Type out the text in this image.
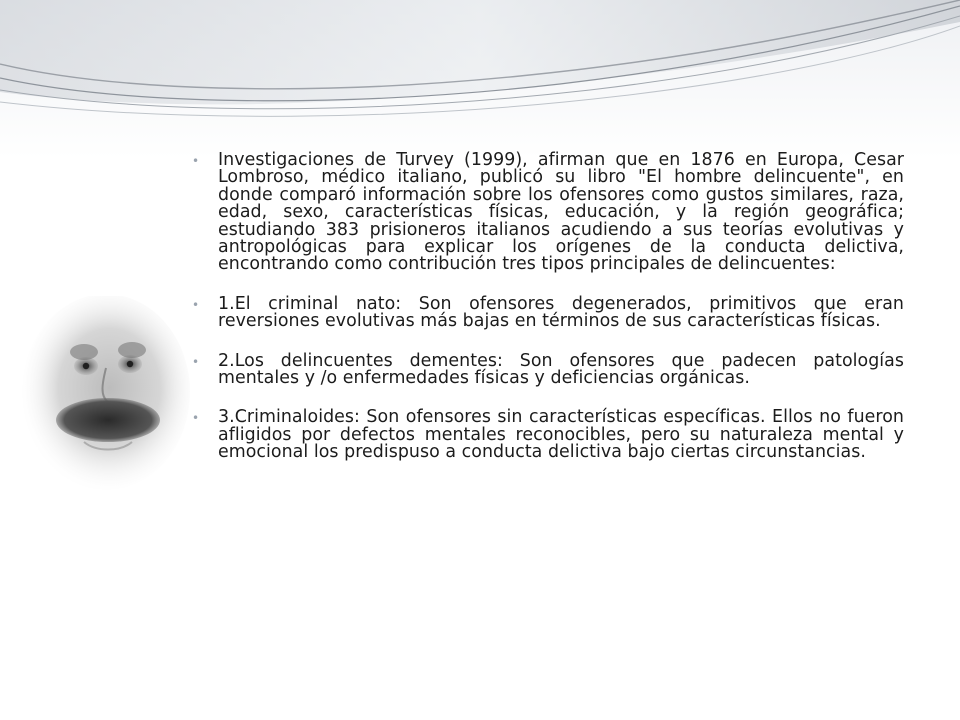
• Investigaciones de Turvey (1999), afirman que en 1876 en Europa, Cesar Lombroso, médico italiano, publicó su libro "El hombre delincuente", en donde comparó información sobre los ofensores como gustos similares, raza, edad, sexo, características físicas, educación, y la región geográfica; estudiando 383 prisioneros italianos acudiendo a sus teorías evolutivas y antropológicas para explicar los orígenes de la conducta delictiva, encontrando como contribución tres tipos principales de delincuentes:
• 1.El criminal nato: Son ofensores degenerados, primitivos que eran reversiones evolutivas más bajas en términos de sus características físicas.
• 2.Los delincuentes dementes: Son ofensores que padecen patologías mentales y /o enfermedades físicas y deficiencias orgánicas.
• 3.Criminaloides: Son ofensores sin características específicas. Ellos no fueron afligidos por defectos mentales reconocibles, pero su naturaleza mental y emocional los predispuso a conducta delictiva bajo ciertas circunstancias.
